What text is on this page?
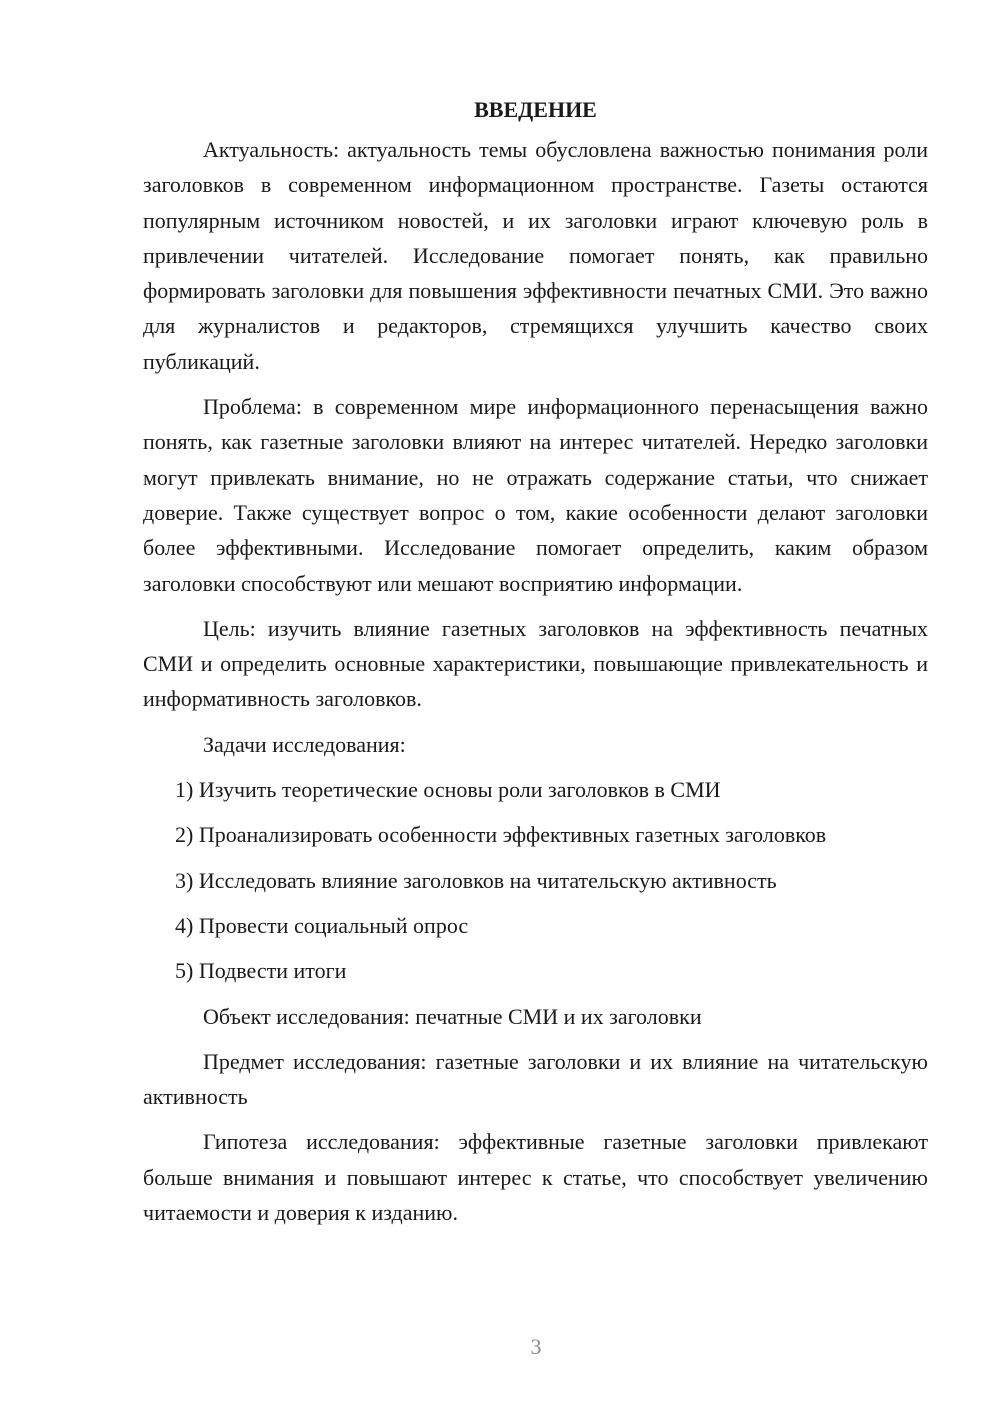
ВВЕДЕНИЕ

Актуальность: актуальность темы обусловлена важностью понимания роли заголовков в современном информационном пространстве. Газеты остаются популярным источником новостей, и их заголовки играют ключевую роль в привлечении читателей. Исследование помогает понять, как правильно формировать заголовки для повышения эффективности печатных СМИ. Это важно для журналистов и редакторов, стремящихся улучшить качество своих публикаций.

Проблема: в современном мире информационного перенасыщения важно понять, как газетные заголовки влияют на интерес читателей. Нередко заголовки могут привлекать внимание, но не отражать содержание статьи, что снижает доверие. Также существует вопрос о том, какие особенности делают заголовки более эффективными. Исследование помогает определить, каким образом заголовки способствуют или мешают восприятию информации.

Цель: изучить влияние газетных заголовков на эффективность печатных СМИ и определить основные характеристики, повышающие привлекательность и информативность заголовков.

Задачи исследования:

1) Изучить теоретические основы роли заголовков в СМИ
2) Проанализировать особенности эффективных газетных заголовков
3) Исследовать влияние заголовков на читательскую активность
4) Провести социальный опрос
5) Подвести итоги

Объект исследования: печатные СМИ и их заголовки

Предмет исследования: газетные заголовки и их влияние на читательскую активность

Гипотеза исследования: эффективные газетные заголовки привлекают больше внимания и повышают интерес к статье, что способствует увеличению читаемости и доверия к изданию.

3
